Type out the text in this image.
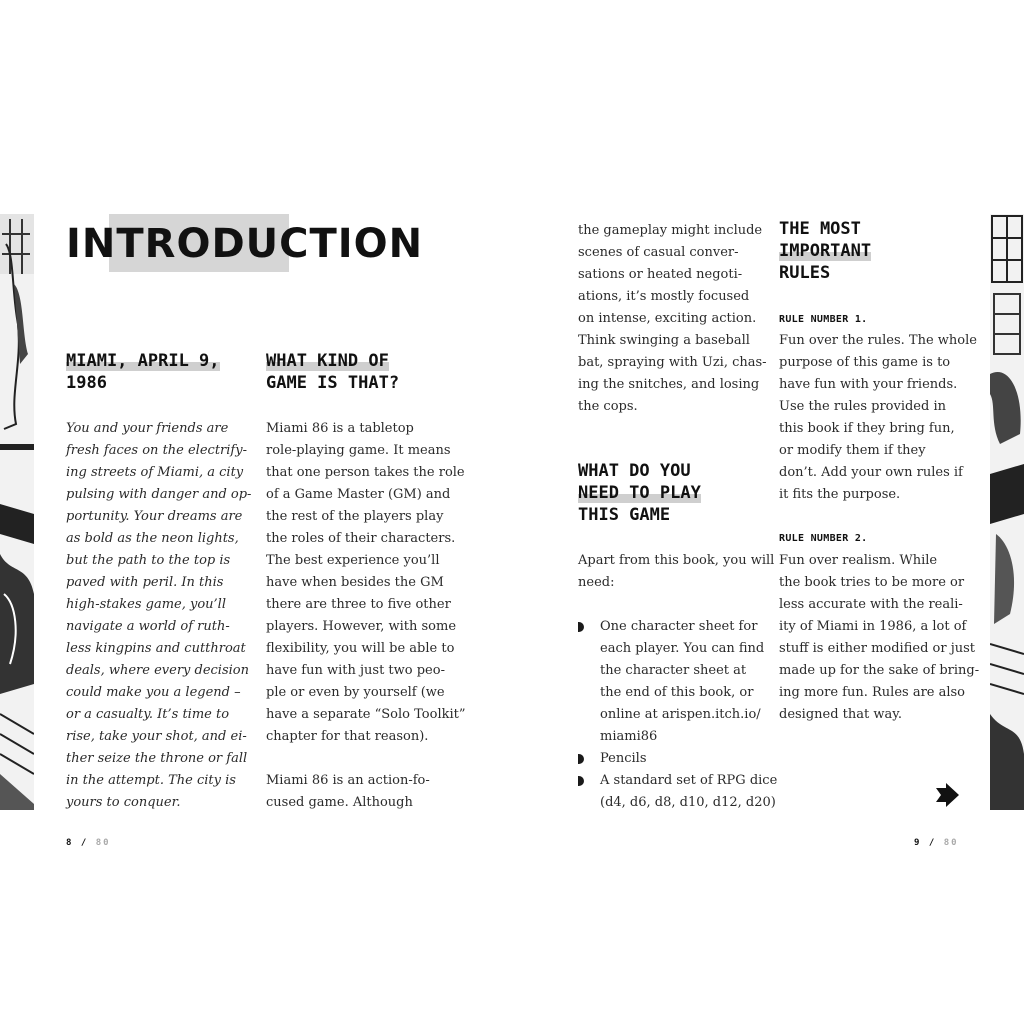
INTRODUCTION
MIAMI, APRIL 9,
1986
You and your friends are
fresh faces on the electrify-
ing streets of Miami, a city
pulsing with danger and op-
portunity. Your dreams are
as bold as the neon lights,
but the path to the top is
paved with peril. In this
high-stakes game, you’ll
navigate a world of ruth-
less kingpins and cutthroat
deals, where every decision
could make you a legend –
or a casualty. It’s time to
rise, take your shot, and ei-
ther seize the throne or fall
in the attempt. The city is
yours to conquer.
WHAT KIND OF
GAME IS THAT?
Miami 86 is a tabletop
role-playing game. It means
that one person takes the role
of a Game Master (GM) and
the rest of the players play
the roles of their characters.
The best experience you’ll
have when besides the GM
there are three to five other
players. However, with some
flexibility, you will be able to
have fun with just two peo-
ple or even by yourself (we
have a separate “Solo Toolkit”
chapter for that reason).
Miami 86 is an action-fo-
cused game. Although
8 / 80
the gameplay might include
scenes of casual conver-
sations or heated negoti-
ations, it’s mostly focused
on intense, exciting action.
Think swinging a baseball
bat, spraying with Uzi, chas-
ing the snitches, and losing
the cops.
WHAT DO YOU
NEED TO PLAY
THIS GAME
Apart from this book, you will
need:
One character sheet for
each player. You can find
the character sheet at
the end of this book, or
online at arispen.itch.io/
miami86
Pencils
A standard set of RPG dice
(d4, d6, d8, d10, d12, d20)
THE MOST
IMPORTANT
RULES
RULE NUMBER 1.
Fun over the rules. The whole
purpose of this game is to
have fun with your friends.
Use the rules provided in
this book if they bring fun,
or modify them if they
don’t. Add your own rules if
it fits the purpose.
RULE NUMBER 2.
Fun over realism. While
the book tries to be more or
less accurate with the reali-
ity of Miami in 1986, a lot of
stuff is either modified or just
made up for the sake of bring-
ing more fun. Rules are also
designed that way.
9 / 80
